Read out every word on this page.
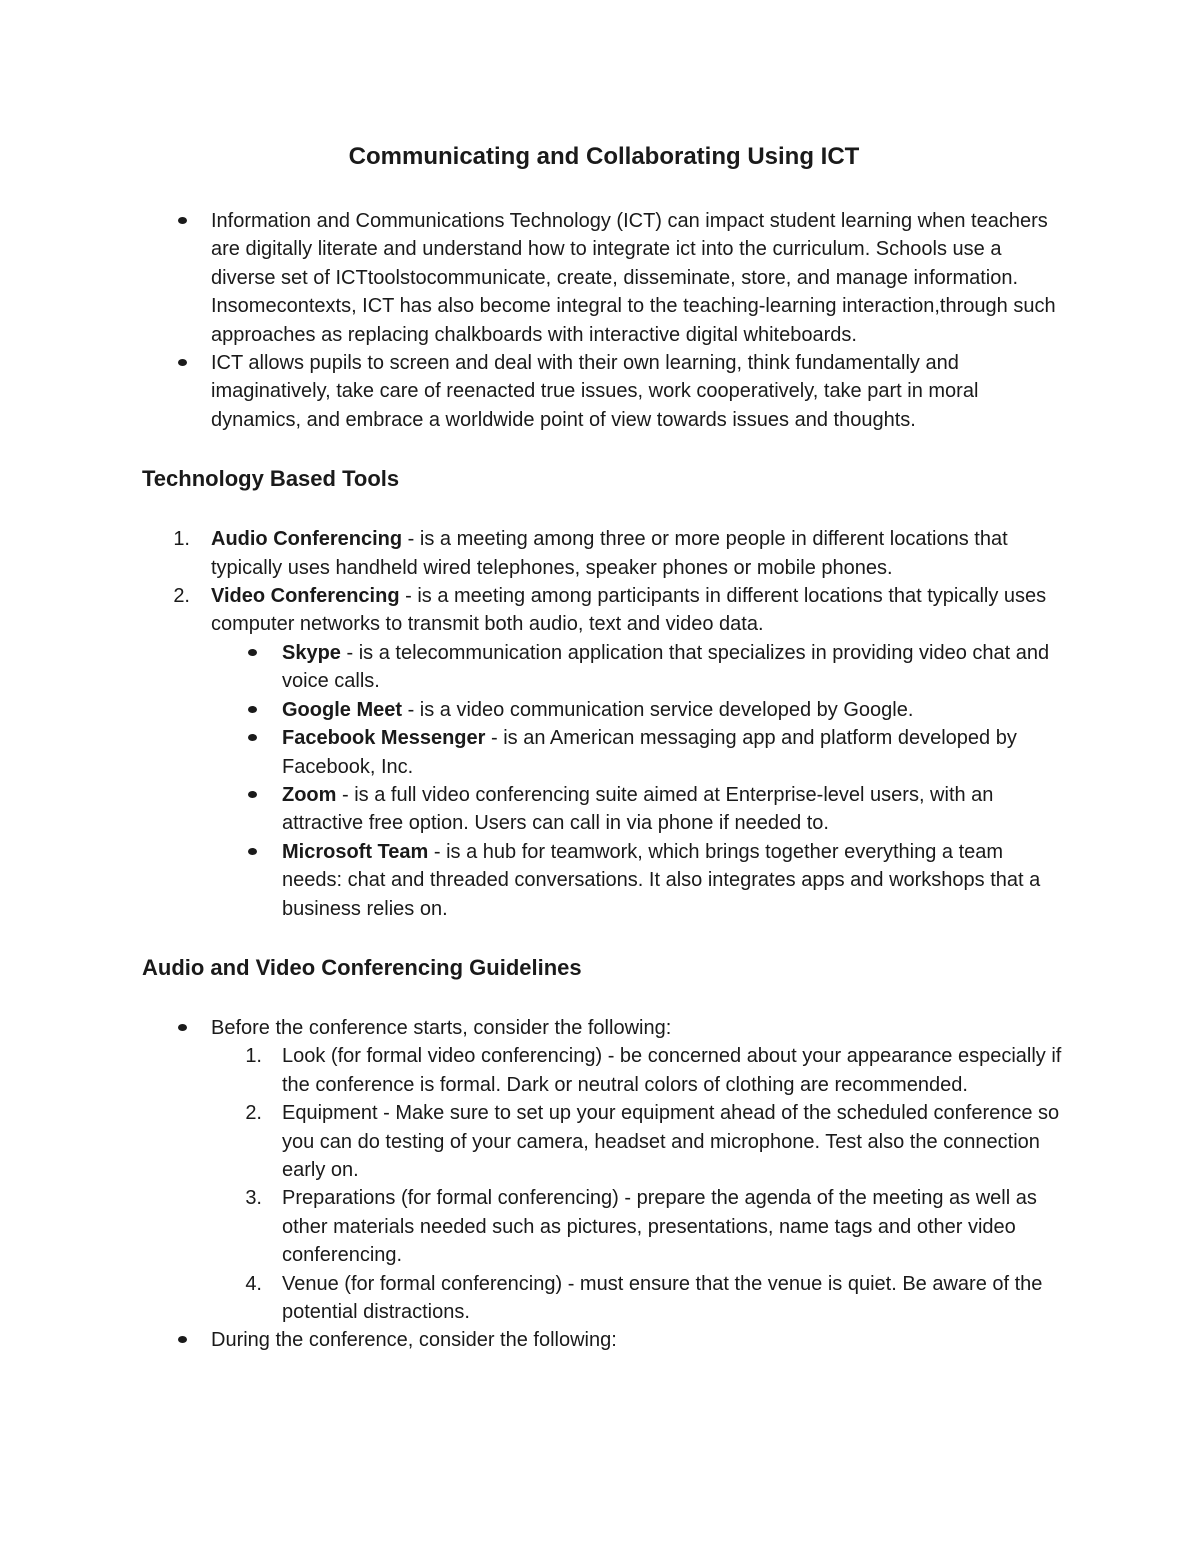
Communicating and Collaborating Using ICT
Information and Communications Technology (ICT) can impact student learning when teachers are digitally literate and understand how to integrate ict into the curriculum. Schools use a diverse set of ICTtoolstocommunicate, create, disseminate, store, and manage information. Insomecontexts, ICT has also become integral to the teaching-learning interaction,through such approaches as replacing chalkboards with interactive digital whiteboards.
ICT allows pupils to screen and deal with their own learning, think fundamentally and imaginatively, take care of reenacted true issues, work cooperatively, take part in moral dynamics, and embrace a worldwide point of view towards issues and thoughts.
Technology Based Tools
1. Audio Conferencing - is a meeting among three or more people in different locations that typically uses handheld wired telephones, speaker phones or mobile phones.
2. Video Conferencing - is a meeting among participants in different locations that typically uses computer networks to transmit both audio, text and video data.
Skype - is a telecommunication application that specializes in providing video chat and voice calls.
Google Meet - is a video communication service developed by Google.
Facebook Messenger - is an American messaging app and platform developed by Facebook, Inc.
Zoom - is a full video conferencing suite aimed at Enterprise-level users, with an attractive free option. Users can call in via phone if needed to.
Microsoft Team - is a hub for teamwork, which brings together everything a team needs: chat and threaded conversations. It also integrates apps and workshops that a business relies on.
Audio and Video Conferencing Guidelines
Before the conference starts, consider the following:
1. Look (for formal video conferencing) - be concerned about your appearance especially if the conference is formal. Dark or neutral colors of clothing are recommended.
2. Equipment - Make sure to set up your equipment ahead of the scheduled conference so you can do testing of your camera, headset and microphone. Test also the connection early on.
3. Preparations (for formal conferencing) - prepare the agenda of the meeting as well as other materials needed such as pictures, presentations, name tags and other video conferencing.
4. Venue (for formal conferencing) - must ensure that the venue is quiet. Be aware of the potential distractions.
During the conference, consider the following:
